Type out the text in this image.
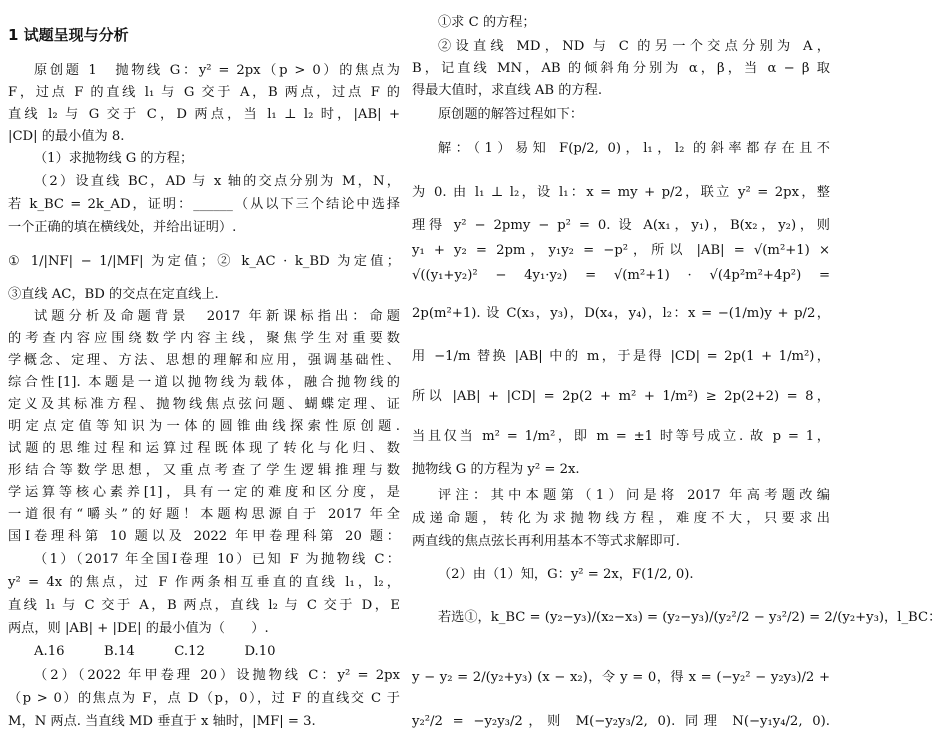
1 试题呈现与分析
原创题 1　抛物线 G：y² = 2px（p > 0）的焦点为
F，过点 F 的直线 l₁ 与 G 交于 A，B 两点，过点 F 的
直线 l₂ 与 G 交于 C，D 两点，当 l₁ ⊥ l₂ 时，|AB| +
|CD| 的最小值为 8.
（1）求抛物线 G 的方程；
（2）设直线 BC，AD 与 x 轴的交点分别为 M，N，
若 k_BC = 2k_AD，证明：______（从以下三个结论中选择
一个正确的填在横线处，并给出证明）.
① 1/|NF| − 1/|MF| 为定值；② k_AC · k_BD 为定值；
③直线 AC，BD 的交点在定直线上.
试题分析及命题背景　2017 年新课标指出：命题
的考查内容应围绕数学内容主线，聚焦学生对重要数
学概念、定理、方法、思想的理解和应用，强调基础性、
综合性[1]. 本题是一道以抛物线为载体，融合抛物线的
定义及其标准方程、抛物线焦点弦问题、蝴蝶定理、证
明定点定值等知识为一体的圆锥曲线探索性原创题.
试题的思维过程和运算过程既体现了转化与化归、数
形结合等数学思想，又重点考查了学生逻辑推理与数
学运算等核心素养[1]，具有一定的难度和区分度，是
一道很有“嚼头”的好题！本题构思源自于 2017 年全
国Ⅰ卷理科第 10 题以及 2022 年甲卷理科第 20 题：
（1）（2017 年全国Ⅰ卷理 10）已知 F 为抛物线 C：
y² = 4x 的焦点，过 F 作两条相互垂直的直线 l₁，l₂，
直线 l₁ 与 C 交于 A，B 两点，直线 l₂ 与 C 交于 D，E
两点，则 |AB| + |DE| 的最小值为（　　）.
A.16　　　B.14　　　C.12　　　D.10
（2）（2022 年甲卷理 20）设抛物线 C：y² = 2px
（p > 0）的焦点为 F，点 D（p，0），过 F 的直线交 C 于
M，N 两点. 当直线 MD 垂直于 x 轴时，|MF| = 3.
①求 C 的方程；
②设直线 MD，ND 与 C 的另一个交点分别为 A，
B，记直线 MN，AB 的倾斜角分别为 α，β，当 α − β 取
得最大值时，求直线 AB 的方程.
原创题的解答过程如下：
解：（1）易知 F(p/2, 0)，l₁，l₂ 的斜率都存在且不
为 0. 由 l₁ ⊥ l₂，设 l₁：x = my + p/2，联立 y² = 2px，整
理得 y² − 2pmy − p² = 0. 设 A(x₁，y₁)，B(x₂，y₂)，则
y₁ + y₂ = 2pm，y₁y₂ = −p²，所以 |AB| = √(m²+1) ×
√((y₁+y₂)² − 4y₁·y₂) = √(m²+1) · √(4p²m²+4p²) =
2p(m²+1). 设 C(x₃，y₃)，D(x₄，y₄)，l₂：x = −(1/m)y + p/2，
用 −1/m 替换 |AB| 中的 m，于是得 |CD| = 2p(1 + 1/m²)，
所以 |AB| + |CD| = 2p(2 + m² + 1/m²) ≥ 2p(2+2) = 8，
当且仅当 m² = 1/m²，即 m = ±1 时等号成立. 故 p = 1，
抛物线 G 的方程为 y² = 2x.
评注：其中本题第（1）问是将 2017 年高考题改编
成递命题，转化为求抛物线方程，难度不大，只要求出
两直线的焦点弦长再利用基本不等式求解即可.
（2）由（1）知，G：y² = 2x，F(1/2, 0).
若选①，k_BC = (y₂−y₃)/(x₂−x₃) = (y₂−y₃)/(y₂²/2 − y₃²/2) = 2/(y₂+y₃)，l_BC：
y − y₂ = 2/(y₂+y₃) (x − x₂)，令 y = 0，得 x = (−y₂² − y₂y₃)/2 +
y₂²/2 = −y₂y₃/2，则 M(−y₂y₃/2, 0). 同理 N(−y₁y₄/2, 0).
